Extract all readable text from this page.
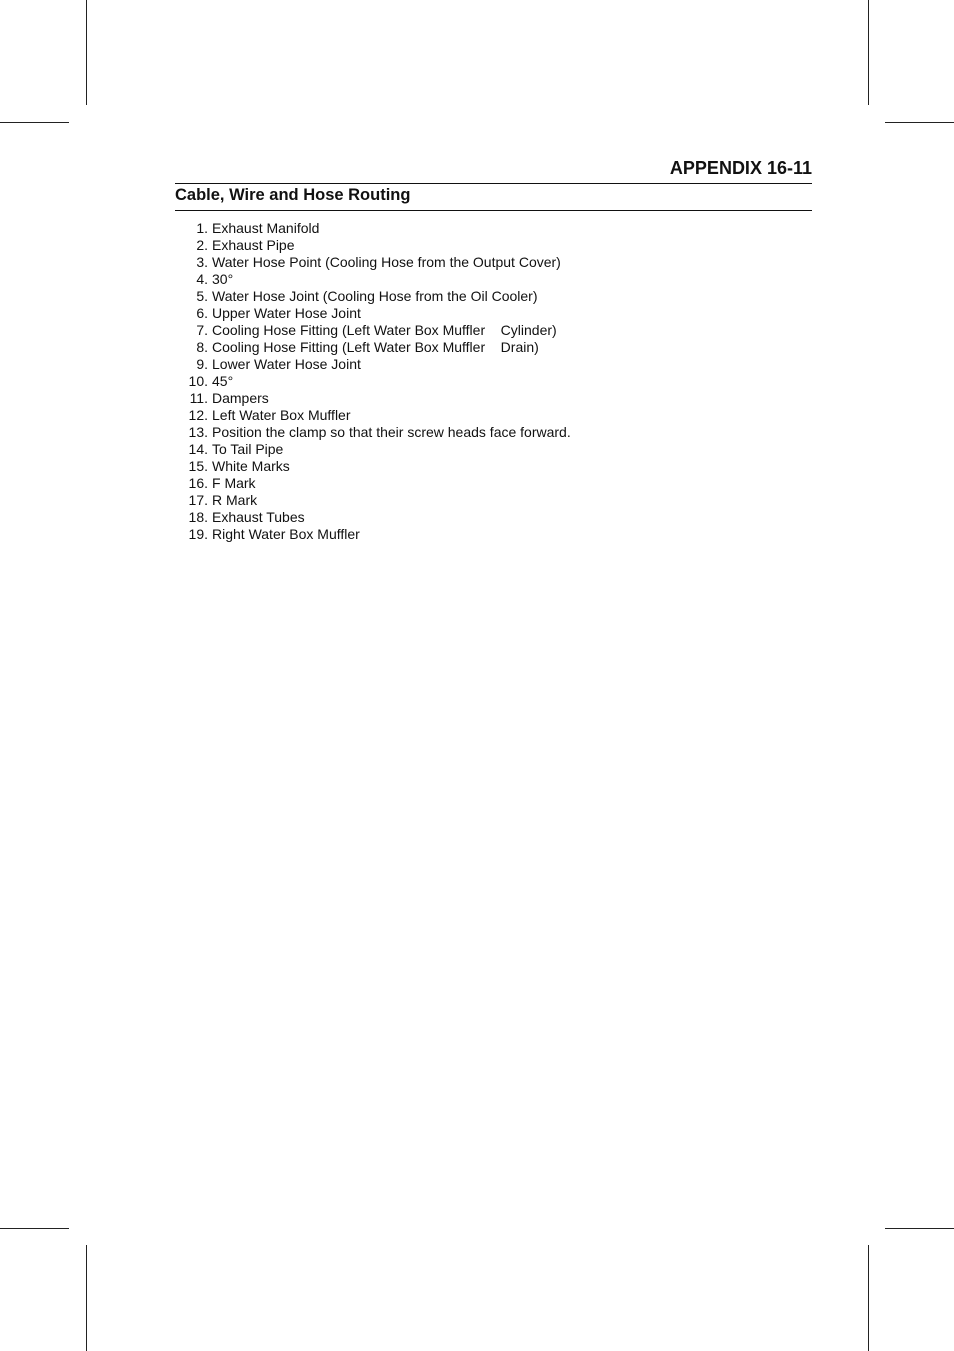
APPENDIX 16-11
Cable, Wire and Hose Routing
1. Exhaust Manifold
2. Exhaust Pipe
3. Water Hose Point (Cooling Hose from the Output Cover)
4. 30°
5. Water Hose Joint (Cooling Hose from the Oil Cooler)
6. Upper Water Hose Joint
7. Cooling Hose Fitting (Left Water Box Muffler    Cylinder)
8. Cooling Hose Fitting (Left Water Box Muffler    Drain)
9. Lower Water Hose Joint
10. 45°
11. Dampers
12. Left Water Box Muffler
13. Position the clamp so that their screw heads face forward.
14. To Tail Pipe
15. White Marks
16. F Mark
17. R Mark
18. Exhaust Tubes
19. Right Water Box Muffler
